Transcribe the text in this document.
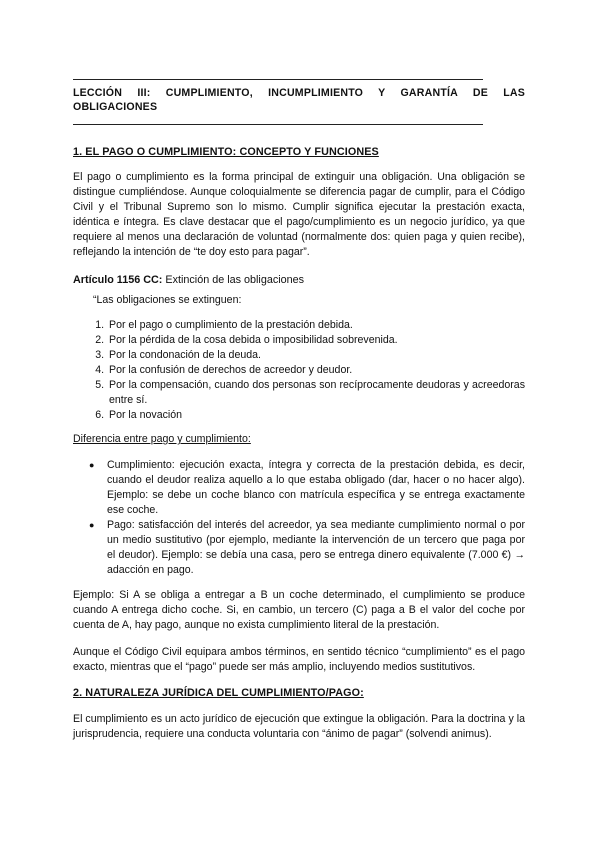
LECCIÓN III: CUMPLIMIENTO, INCUMPLIMIENTO Y GARANTÍA DE LAS OBLIGACIONES
1. EL PAGO O CUMPLIMIENTO: CONCEPTO Y FUNCIONES
El pago o cumplimiento es la forma principal de extinguir una obligación. Una obligación se distingue cumpliéndose. Aunque coloquialmente se diferencia pagar de cumplir, para el Código Civil y el Tribunal Supremo son lo mismo. Cumplir significa ejecutar la prestación exacta, idéntica e íntegra. Es clave destacar que el pago/cumplimiento es un negocio jurídico, ya que requiere al menos una declaración de voluntad (normalmente dos: quien paga y quien recibe), reflejando la intención de “te doy esto para pagar”.
Artículo 1156 CC: Extinción de las obligaciones
“Las obligaciones se extinguen:
1. Por el pago o cumplimiento de la prestación debida.
2. Por la pérdida de la cosa debida o imposibilidad sobrevenida.
3. Por la condonación de la deuda.
4. Por la confusión de derechos de acreedor y deudor.
5. Por la compensación, cuando dos personas son recíprocamente deudoras y acreedoras entre sí.
6. Por la novación
Diferencia entre pago y cumplimiento:
● Cumplimiento: ejecución exacta, íntegra y correcta de la prestación debida, es decir, cuando el deudor realiza aquello a lo que estaba obligado (dar, hacer o no hacer algo). Ejemplo: se debe un coche blanco con matrícula específica y se entrega exactamente ese coche.
● Pago: satisfacción del interés del acreedor, ya sea mediante cumplimiento normal o por un medio sustitutivo (por ejemplo, mediante la intervención de un tercero que paga por el deudor). Ejemplo: se debía una casa, pero se entrega dinero equivalente (7.000 €) → adacción en pago.
Ejemplo: Si A se obliga a entregar a B un coche determinado, el cumplimiento se produce cuando A entrega dicho coche. Si, en cambio, un tercero (C) paga a B el valor del coche por cuenta de A, hay pago, aunque no exista cumplimiento literal de la prestación.
Aunque el Código Civil equipara ambos términos, en sentido técnico “cumplimiento” es el pago exacto, mientras que el “pago” puede ser más amplio, incluyendo medios sustitutivos.
2. NATURALEZA JURÍDICA DEL CUMPLIMIENTO/PAGO:
El cumplimiento es un acto jurídico de ejecución que extingue la obligación. Para la doctrina y la jurisprudencia, requiere una conducta voluntaria con “ánimo de pagar” (solvendi animus).
